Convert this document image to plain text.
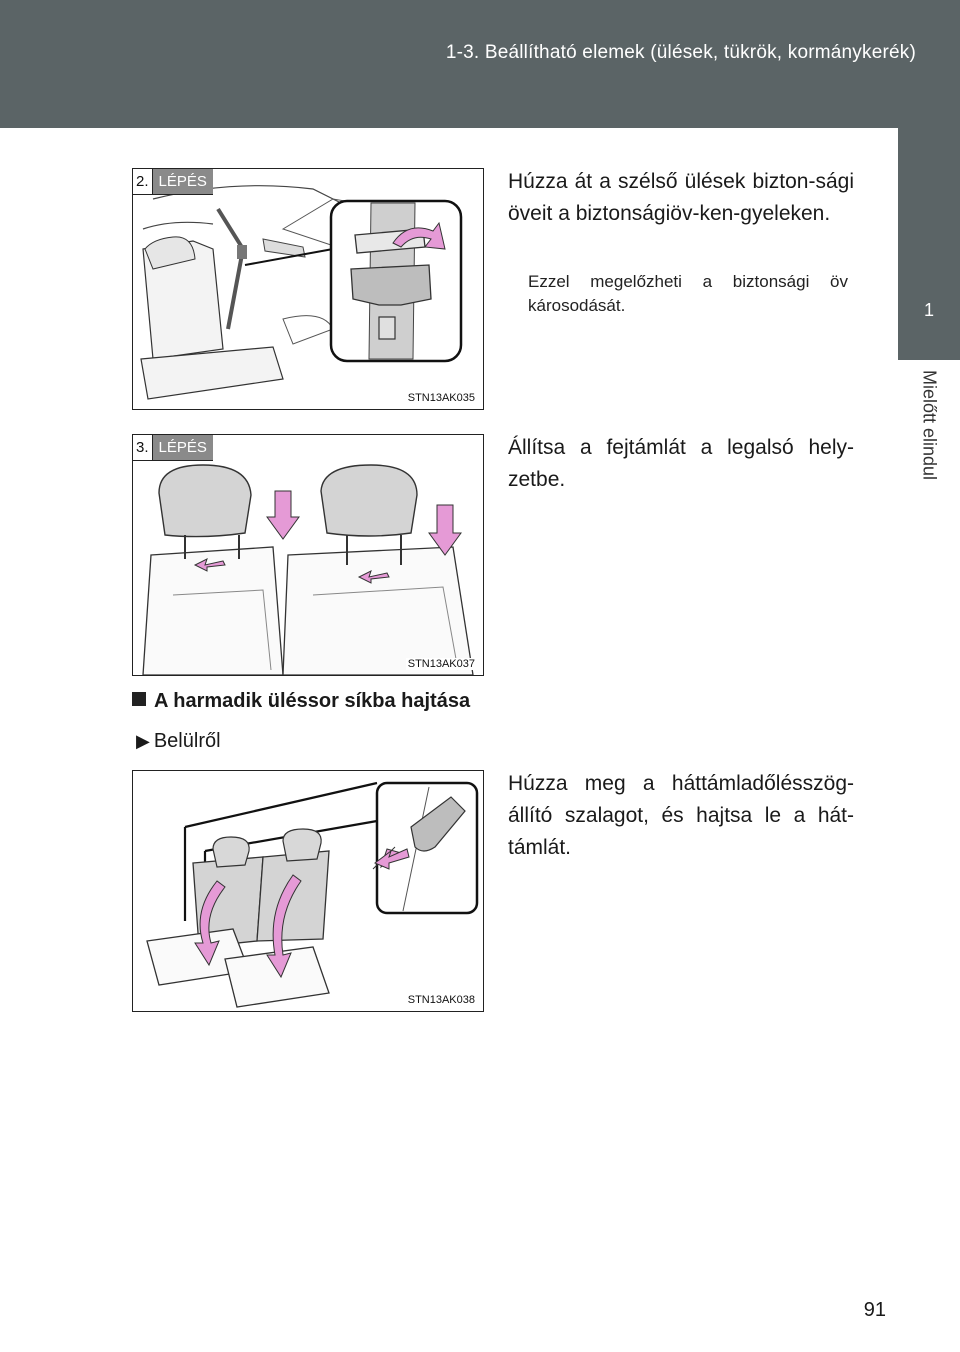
1-3. Beállítható elemek (ülések, tükrök, kormánykerék)
1
Mielőtt elindul
2. LÉPÉS
STN13AK035
Húzza át a szélső ülések bizton-sági öveit a biztonságiöv-ken-gyeleken.
Ezzel megelőzheti a biztonsági öv károsodását.
3. LÉPÉS
STN13AK037
Állítsa a fejtámlát a legalsó hely-zetbe.
A harmadik üléssor síkba hajtása
▶ Belülről
STN13AK038
Húzza meg a háttámladőlésszög-állító szalagot, és hajtsa le a hát-támlát.
91
